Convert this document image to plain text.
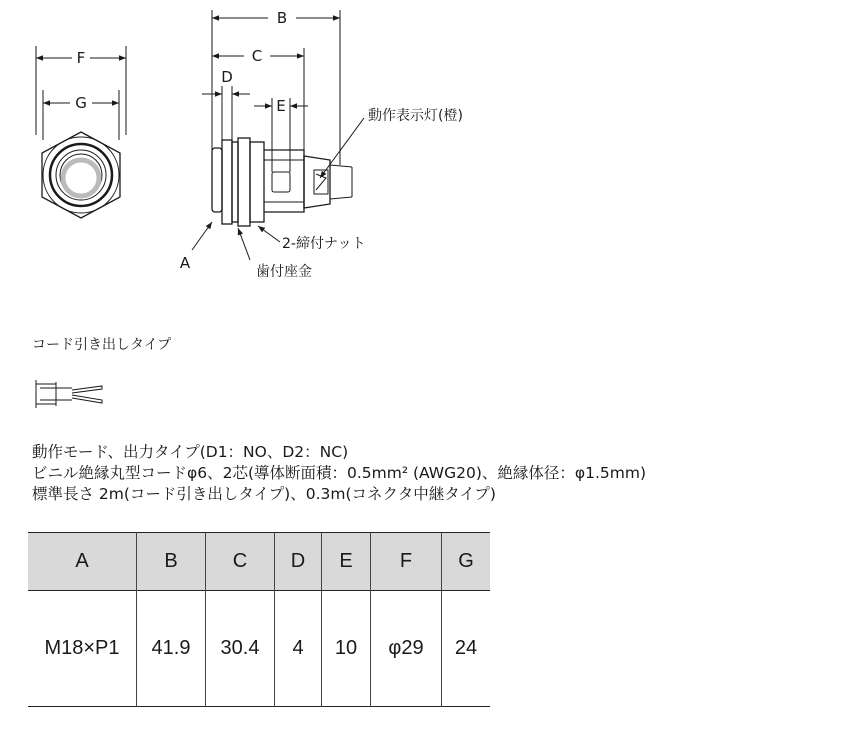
F
G
B
C
D
E
A
動作表示灯(橙)
2-締付ナット
歯付座金

コード引き出しタイプ

動作モード、出力タイプ(D1：NO、D2：NC)
ビニル絶縁丸型コードφ6、2芯(導体断面積：0.5mm² (AWG20)、絶縁体径：φ1.5mm)
標準長さ 2m(コード引き出しタイプ)、0.3m(コネクタ中継タイプ)
A	B	C	D	E	F	G
M18×P1	41.9	30.4	4	10	φ29	24
